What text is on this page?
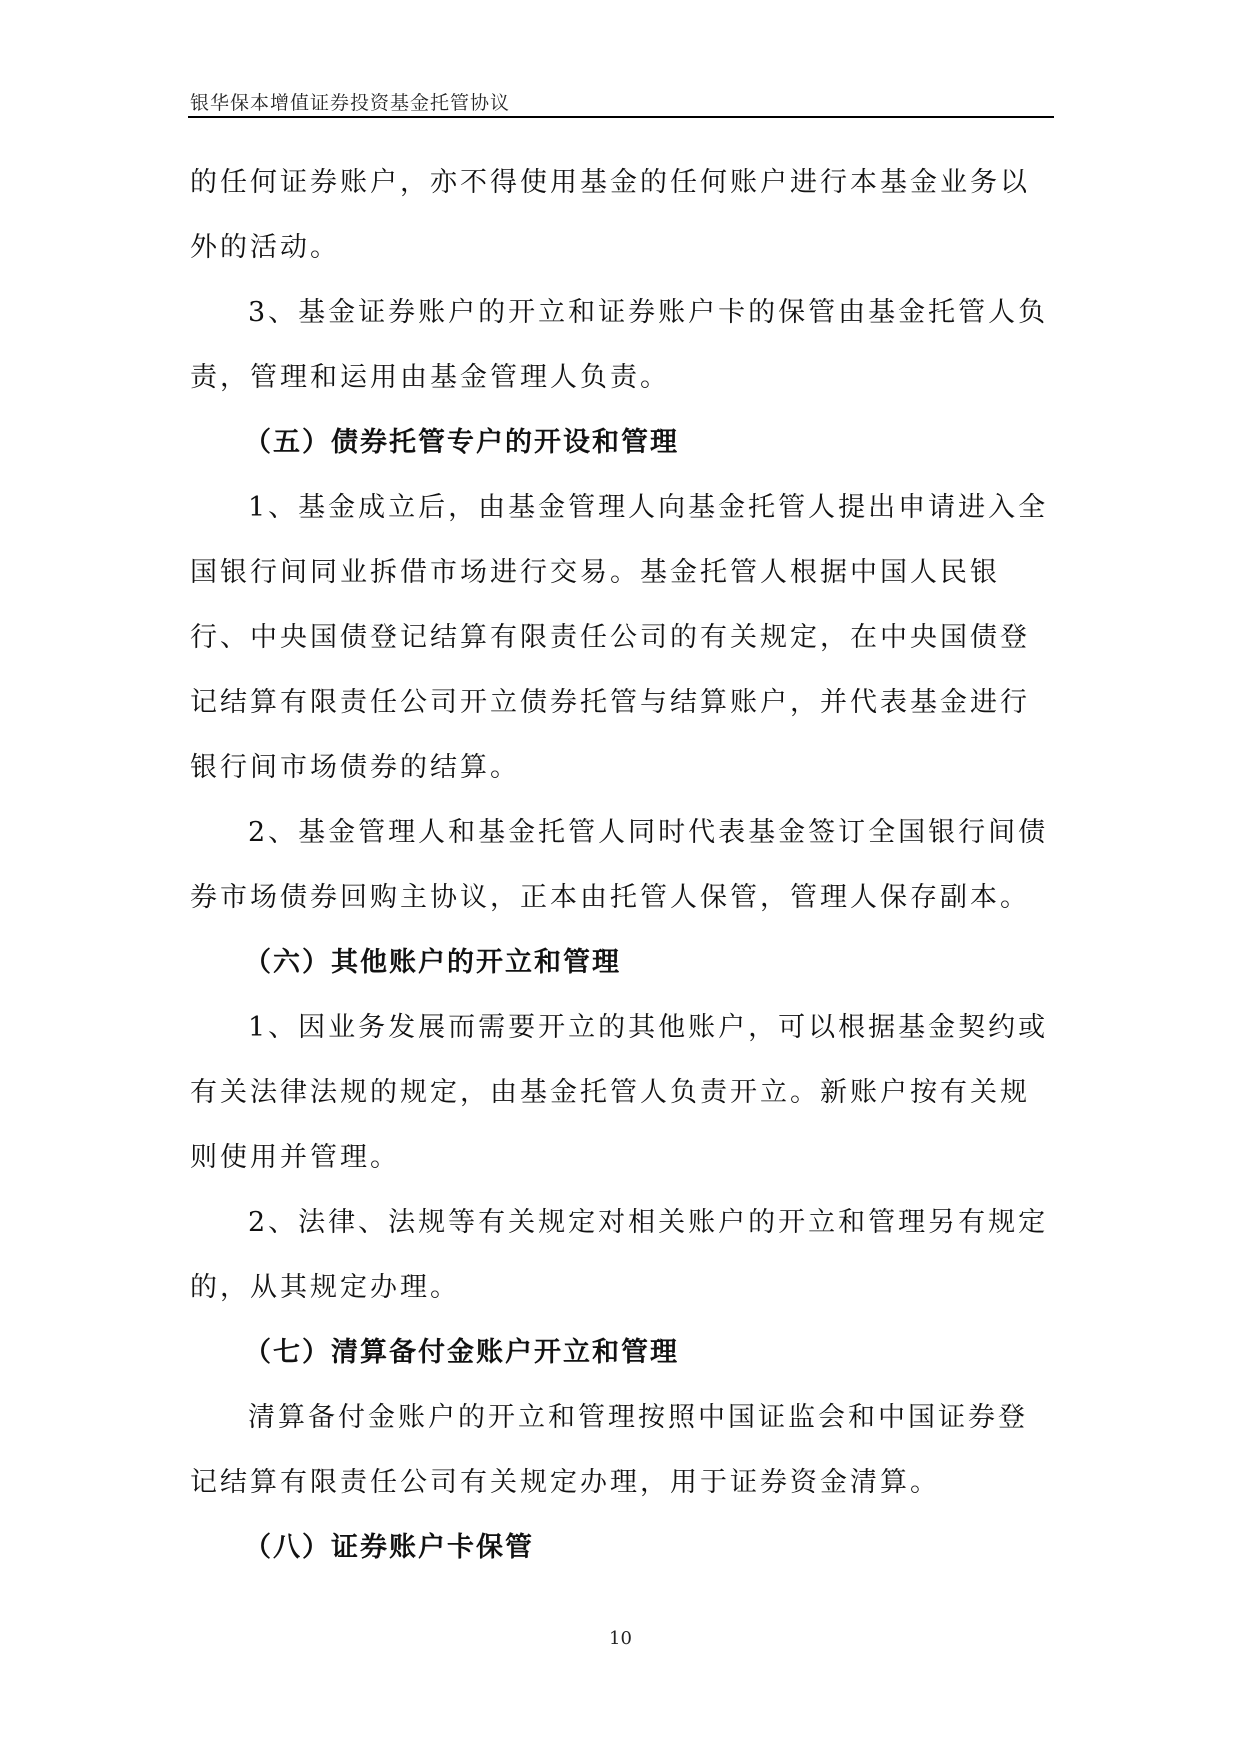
银华保本增值证券投资基金托管协议

的任何证券账户，亦不得使用基金的任何账户进行本基金业务以外的活动。

3、基金证券账户的开立和证券账户卡的保管由基金托管人负责，管理和运用由基金管理人负责。

（五）债券托管专户的开设和管理

1、基金成立后，由基金管理人向基金托管人提出申请进入全国银行间同业拆借市场进行交易。基金托管人根据中国人民银行、中央国债登记结算有限责任公司的有关规定，在中央国债登记结算有限责任公司开立债券托管与结算账户，并代表基金进行银行间市场债券的结算。

2、基金管理人和基金托管人同时代表基金签订全国银行间债券市场债券回购主协议，正本由托管人保管，管理人保存副本。

（六）其他账户的开立和管理

1、因业务发展而需要开立的其他账户，可以根据基金契约或有关法律法规的规定，由基金托管人负责开立。新账户按有关规则使用并管理。

2、法律、法规等有关规定对相关账户的开立和管理另有规定的，从其规定办理。

（七）清算备付金账户开立和管理

清算备付金账户的开立和管理按照中国证监会和中国证券登记结算有限责任公司有关规定办理，用于证券资金清算。

（八）证券账户卡保管
10
